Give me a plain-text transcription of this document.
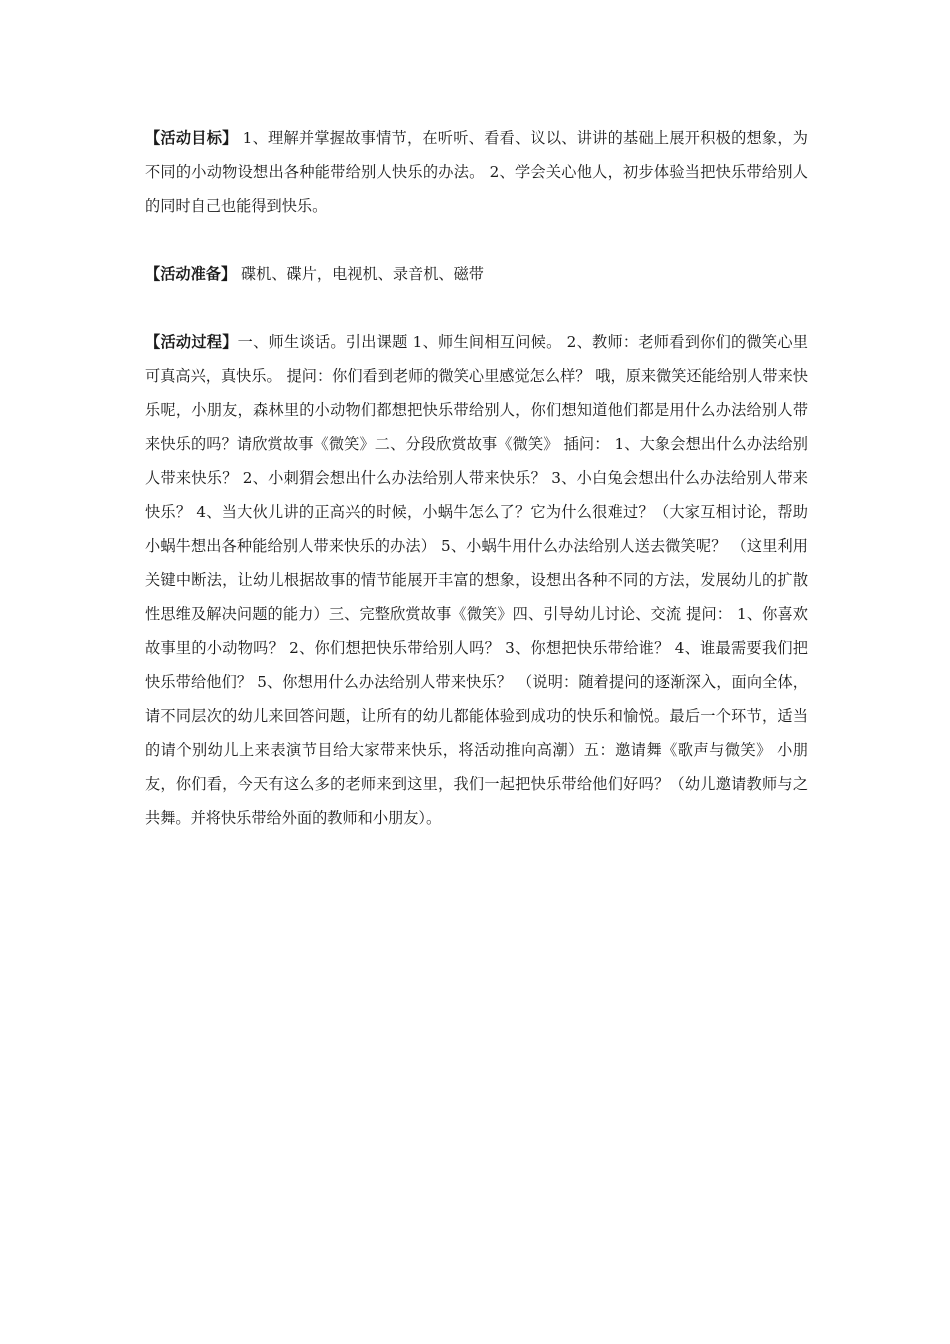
【活动目标】 1、理解并掌握故事情节，在听听、看看、议以、讲讲的基础上展开积极的想象，为不同的小动物设想出各种能带给别人快乐的办法。 2、学会关心他人，初步体验当把快乐带给别人的同时自己也能得到快乐。

【活动准备】 碟机、碟片，电视机、录音机、磁带

【活动过程】一、师生谈话。引出课题 1、师生间相互问候。 2、教师：老师看到你们的微笑心里可真高兴，真快乐。 提问：你们看到老师的微笑心里感觉怎么样？ 哦，原来微笑还能给别人带来快乐呢，小朋友，森林里的小动物们都想把快乐带给别人，你们想知道他们都是用什么办法给别人带来快乐的吗？请欣赏故事《微笑》二、分段欣赏故事《微笑》 插问： 1、大象会想出什么办法给别人带来快乐？ 2、小刺猬会想出什么办法给别人带来快乐？ 3、小白兔会想出什么办法给别人带来快乐？ 4、当大伙儿讲的正高兴的时候，小蜗牛怎么了？它为什么很难过？（大家互相讨论，帮助小蜗牛想出各种能给别人带来快乐的办法） 5、小蜗牛用什么办法给别人送去微笑呢？ （这里利用关键中断法，让幼儿根据故事的情节能展开丰富的想象，设想出各种不同的方法，发展幼儿的扩散性思维及解决问题的能力）三、完整欣赏故事《微笑》四、引导幼儿讨论、交流 提问： 1、你喜欢故事里的小动物吗？ 2、你们想把快乐带给别人吗？ 3、你想把快乐带给谁？ 4、谁最需要我们把快乐带给他们？ 5、你想用什么办法给别人带来快乐？ （说明：随着提问的逐渐深入，面向全体，请不同层次的幼儿来回答问题，让所有的幼儿都能体验到成功的快乐和愉悦。最后一个环节，适当的请个别幼儿上来表演节目给大家带来快乐，将活动推向高潮）五：邀请舞《歌声与微笑》 小朋友，你们看，今天有这么多的老师来到这里，我们一起把快乐带给他们好吗？（幼儿邀请教师与之共舞。并将快乐带给外面的教师和小朋友）。
